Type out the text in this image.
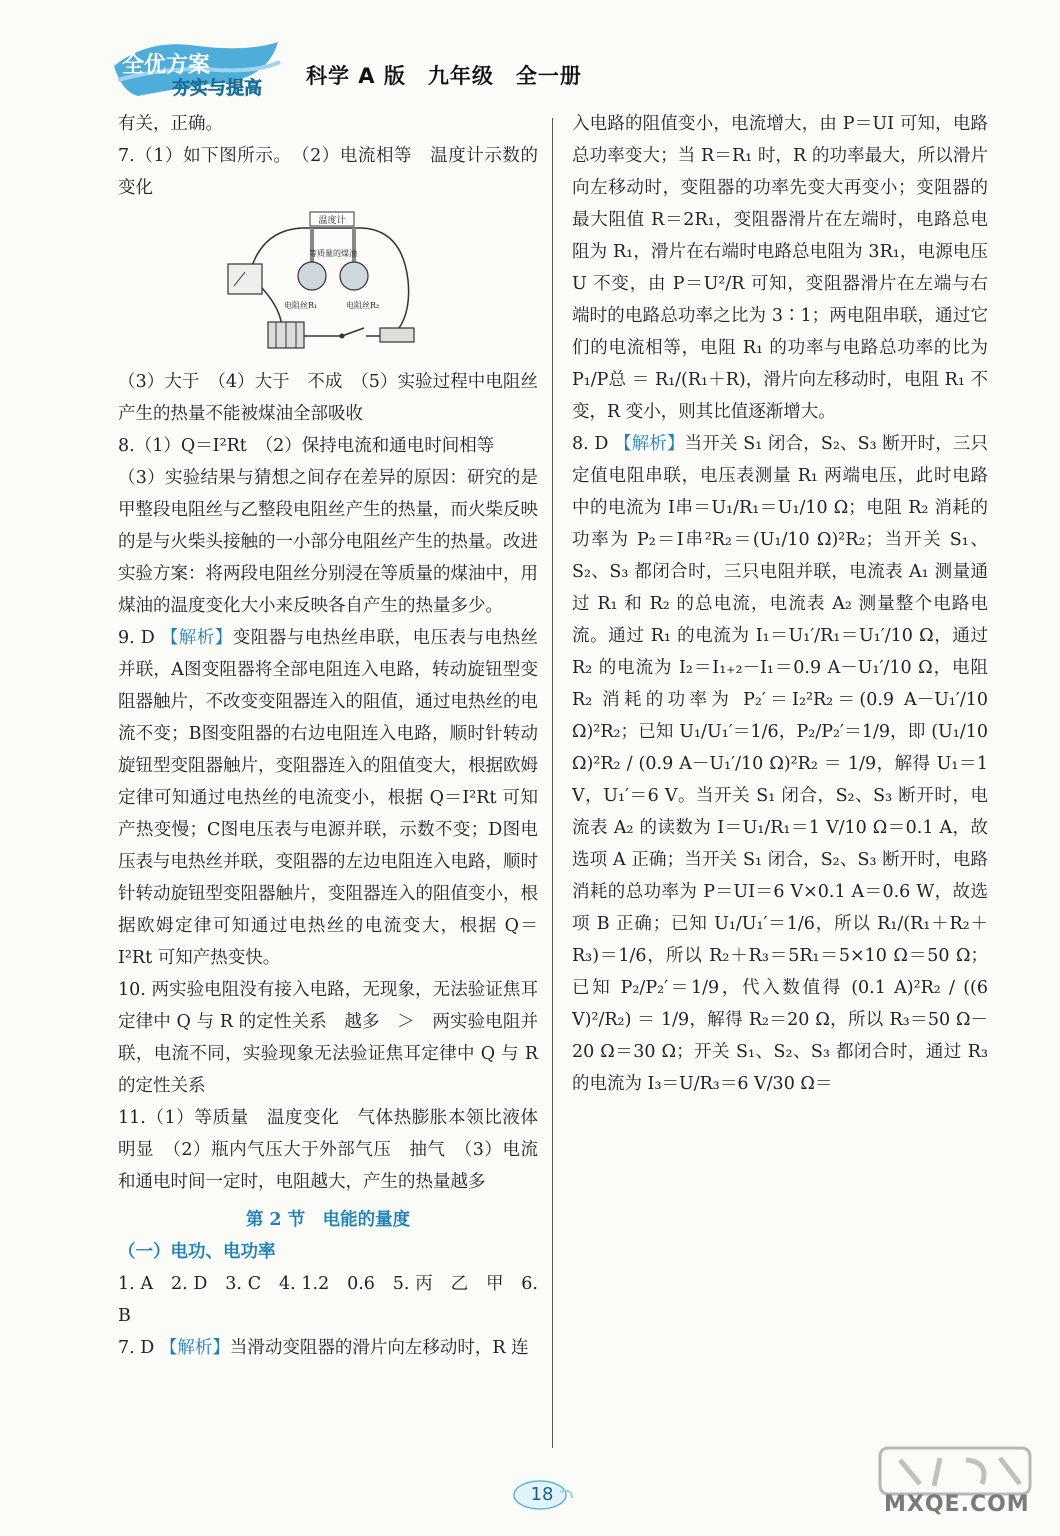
全优方案
夯实与提高
科学 A 版　九年级　全一册

有关，正确。

7.（1）如下图所示。　（2）电流相等　温度计示数的变化

温度计
等质量的煤油
电阻丝R₁	电阻丝R₂

（3）大于　（4）大于　不成　（5）实验过程中电阻丝产生的热量不能被煤油全部吸收

8.（1）Q＝I²Rt　（2）保持电流和通电时间相等

（3）实验结果与猜想之间存在差异的原因：研究的是甲整段电阻丝与乙整段电阻丝产生的热量，而火柴反映的是与火柴头接触的一小部分电阻丝产生的热量。改进实验方案：将两段电阻丝分别浸在等质量的煤油中，用煤油的温度变化大小来反映各自产生的热量多少。

9. D 【解析】变阻器与电热丝串联，电压表与电热丝并联，A图变阻器将全部电阻连入电路，转动旋钮型变阻器触片，不改变变阻器连入的阻值，通过电热丝的电流不变；B图变阻器的右边电阻连入电路，顺时针转动旋钮型变阻器触片，变阻器连入的阻值变大，根据欧姆定律可知通过电热丝的电流变小，根据 Q＝I²Rt 可知产热变慢；C图电压表与电源并联，示数不变；D图电压表与电热丝并联，变阻器的左边电阻连入电路，顺时针转动旋钮型变阻器触片，变阻器连入的阻值变小，根据欧姆定律可知通过电热丝的电流变大，根据 Q＝I²Rt 可知产热变快。

10. 两实验电阻没有接入电路，无现象，无法验证焦耳定律中 Q 与 R 的定性关系　越多　＞　两实验电阻并联，电流不同，实验现象无法验证焦耳定律中 Q 与 R 的定性关系

11.（1）等质量　温度变化　气体热膨胀本领比液体明显　（2）瓶内气压大于外部气压　抽气　（3）电流和通电时间一定时，电阻越大，产生的热量越多

第 2 节　电能的量度
（一）电功、电功率

1. A　2. D　3. C　4. 1.2　0.6　5. 丙　乙　甲　6. B

7. D 【解析】当滑动变阻器的滑片向左移动时，R 连

入电路的阻值变小，电流增大，由 P＝UI 可知，电路总功率变大；当 R＝R₁ 时，R 的功率最大，所以滑片向左移动时，变阻器的功率先变大再变小；变阻器的最大阻值 R＝2R₁，变阻器滑片在左端时，电路总电阻为 R₁，滑片在右端时电路总电阻为 3R₁，电源电压 U 不变，由 P＝U²/R 可知，变阻器滑片在左端与右端时的电路总功率之比为 3∶1；两电阻串联，通过它们的电流相等，电阻 R₁ 的功率与电路总功率的比为 P₁/P总 ＝ R₁/(R₁＋R)，滑片向左移动时，电阻 R₁ 不变，R 变小，则其比值逐渐增大。

8. D 【解析】当开关 S₁ 闭合，S₂、S₃ 断开时，三只定值电阻串联，电压表测量 R₁ 两端电压，此时电路中的电流为 I串＝U₁/R₁＝U₁/10 Ω；电阻 R₂ 消耗的功率为 P₂＝I串²R₂＝(U₁/10 Ω)²R₂；当开关 S₁、S₂、S₃ 都闭合时，三只电阻并联，电流表 A₁ 测量通过 R₁ 和 R₂ 的总电流，电流表 A₂ 测量整个电路电流。通过 R₁ 的电流为 I₁＝U₁′/R₁＝U₁′/10 Ω，通过 R₂ 的电流为 I₂＝I₁₊₂－I₁＝0.9 A－U₁′/10 Ω，电阻 R₂ 消耗的功率为 P₂′＝I₂²R₂＝(0.9 A－U₁′/10 Ω)²R₂；已知 U₁/U₁′＝1/6，P₂/P₂′＝1/9，即 (U₁/10 Ω)²R₂ / (0.9 A－U₁′/10 Ω)²R₂ ＝ 1/9，解得 U₁＝1 V，U₁′＝6 V。当开关 S₁ 闭合，S₂、S₃ 断开时，电流表 A₂ 的读数为 I＝U₁/R₁＝1 V/10 Ω＝0.1 A，故选项 A 正确；当开关 S₁ 闭合，S₂、S₃ 断开时，电路消耗的总功率为 P＝UI＝6 V×0.1 A＝0.6 W，故选项 B 正确；已知 U₁/U₁′＝1/6，所以 R₁/(R₁＋R₂＋R₃)＝1/6，所以 R₂＋R₃＝5R₁＝5×10 Ω＝50 Ω；已知 P₂/P₂′＝1/9，代入数值得 (0.1 A)²R₂ / ((6 V)²/R₂) ＝ 1/9，解得 R₂＝20 Ω，所以 R₃＝50 Ω－20 Ω＝30 Ω；开关 S₁、S₂、S₃ 都闭合时，通过 R₃ 的电流为 I₃＝U/R₃＝6 V/30 Ω＝

18	MXQE.COM
